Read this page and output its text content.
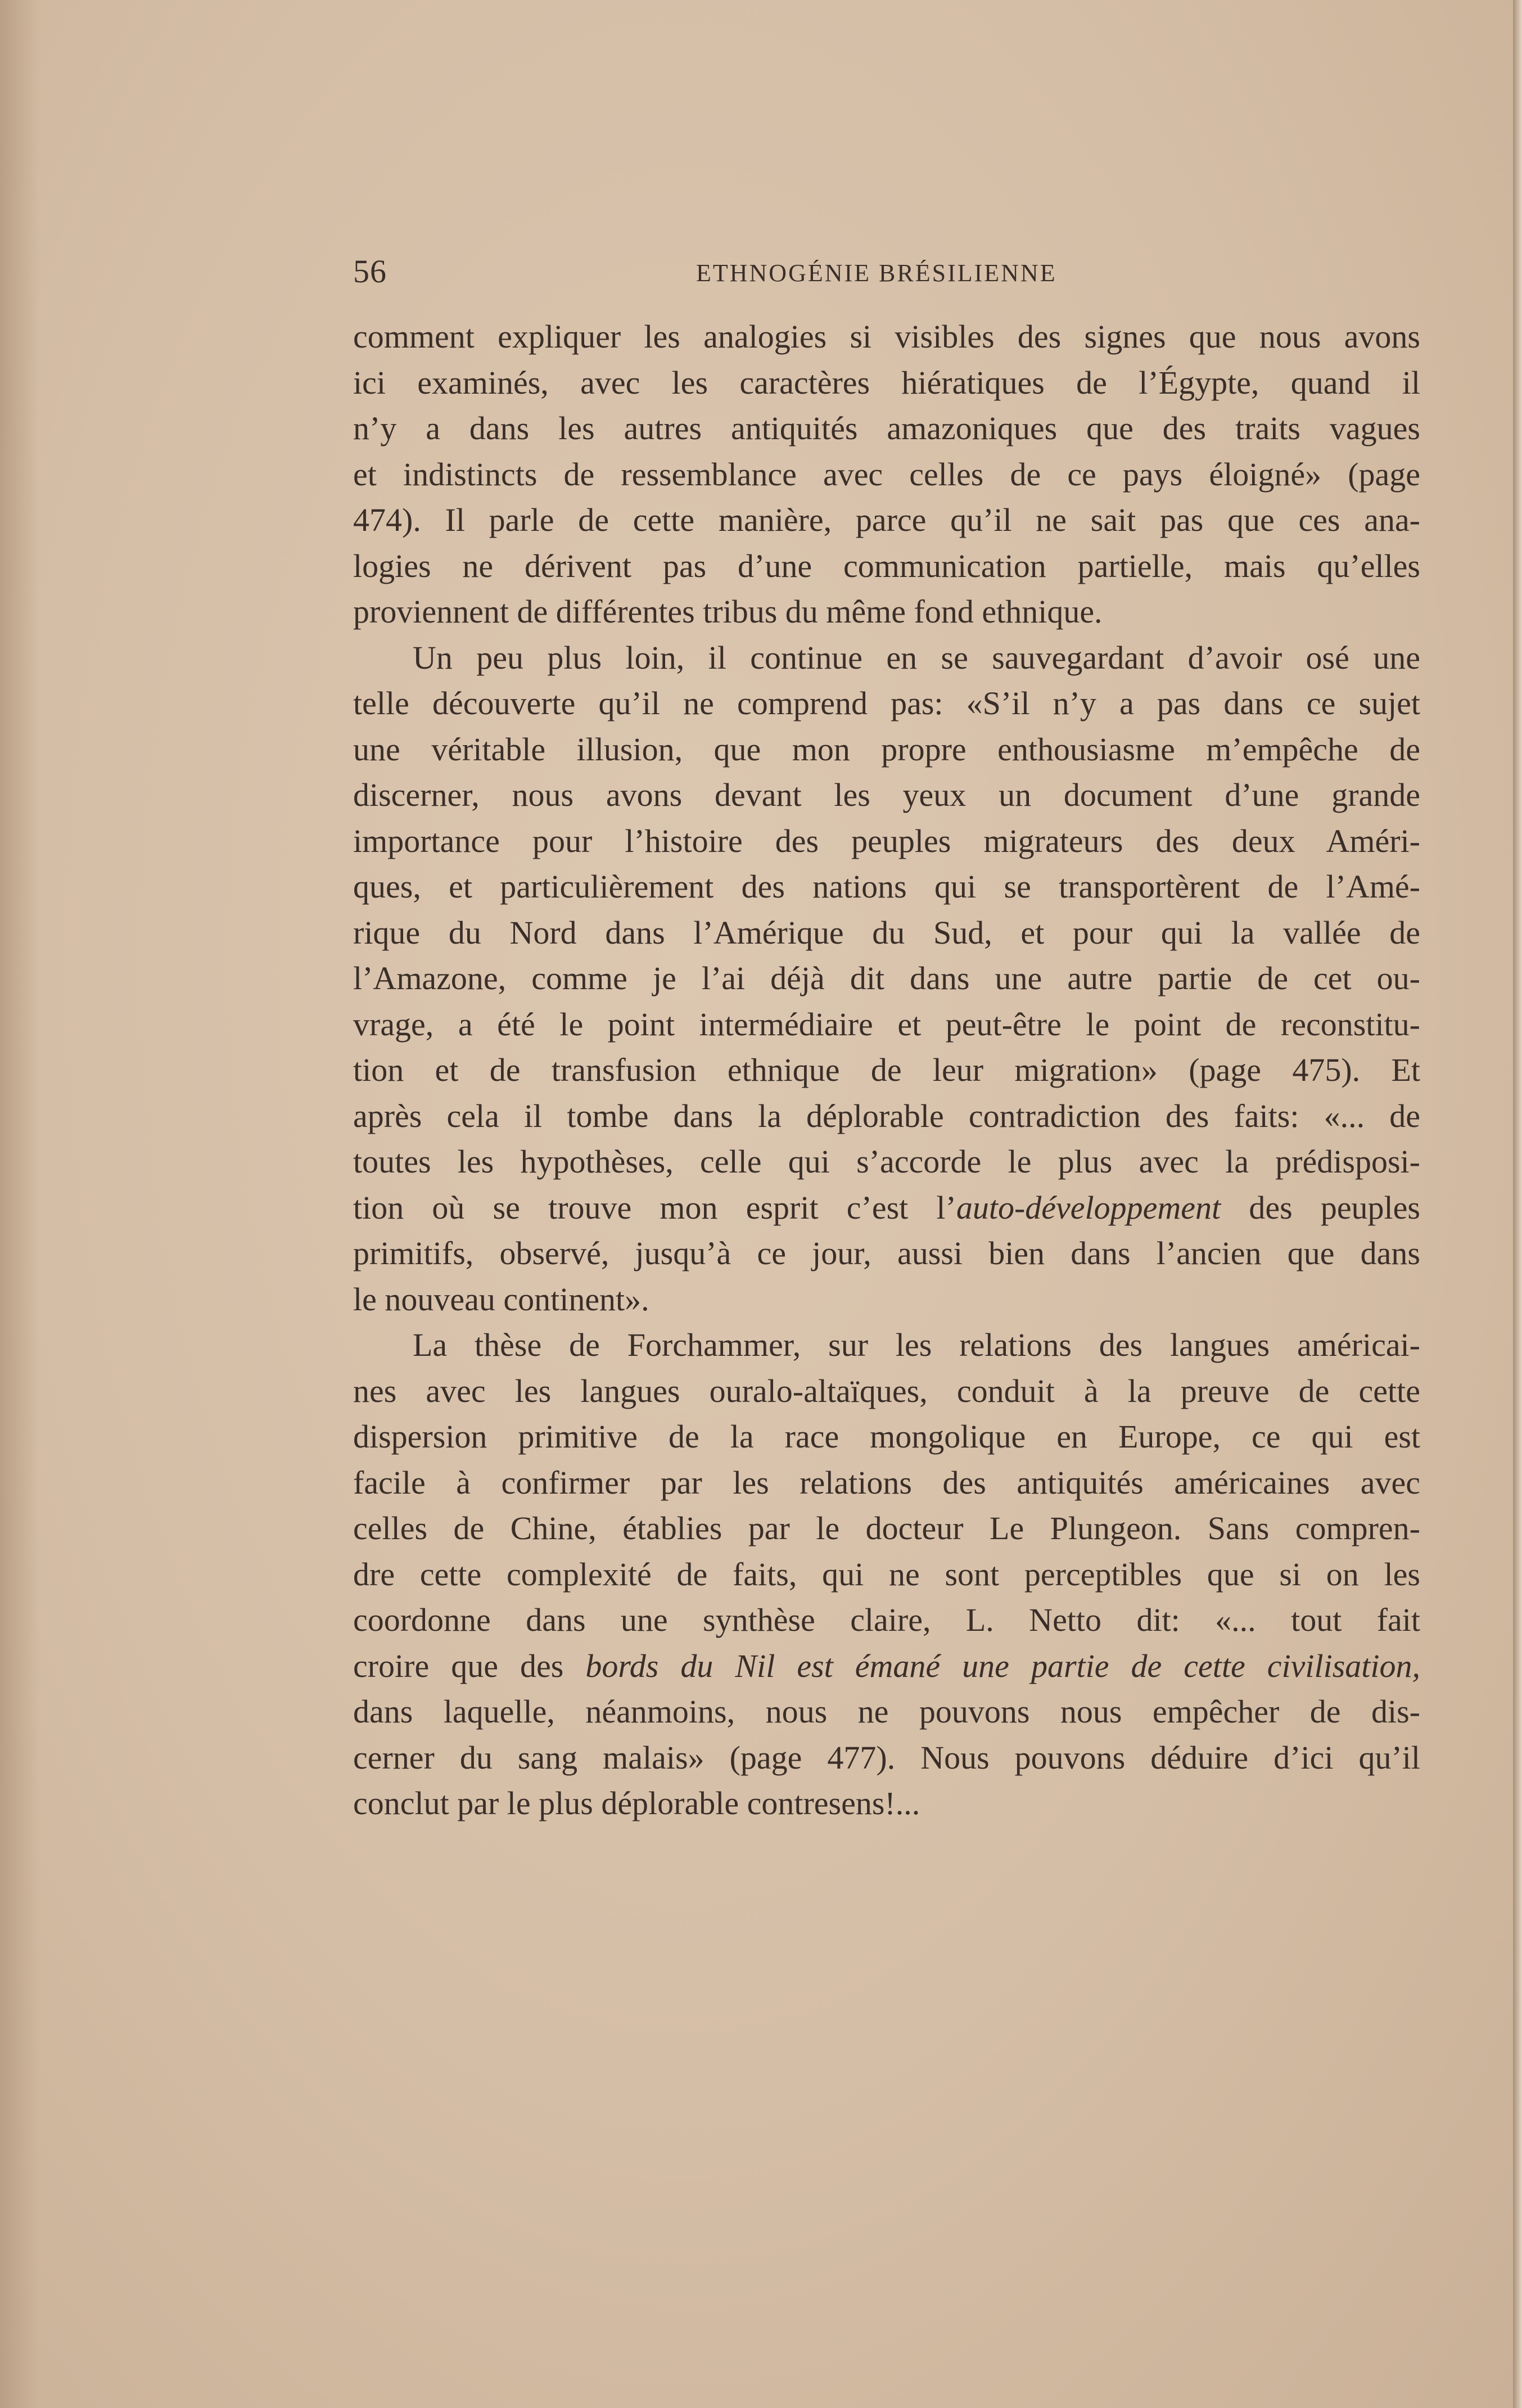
56	ETHNOGÉNIE BRÉSILIENNE
comment expliquer les analogies si visibles des signes que nous avons
ici examinés, avec les caractères hiératiques de l’Égypte, quand il
n’y a dans les autres antiquités amazoniques que des traits vagues
et indistincts de ressemblance avec celles de ce pays éloigné» (page
474). Il parle de cette manière, parce qu’il ne sait pas que ces ana-
logies ne dérivent pas d’une communication partielle, mais qu’elles
proviennent de différentes tribus du même fond ethnique.
Un peu plus loin, il continue en se sauvegardant d’avoir osé une
telle découverte qu’il ne comprend pas: «S’il n’y a pas dans ce sujet
une véritable illusion, que mon propre enthousiasme m’empêche de
discerner, nous avons devant les yeux un document d’une grande
importance pour l’histoire des peuples migrateurs des deux Améri-
ques, et particulièrement des nations qui se transportèrent de l’Amé-
rique du Nord dans l’Amérique du Sud, et pour qui la vallée de
l’Amazone, comme je l’ai déjà dit dans une autre partie de cet ou-
vrage, a été le point intermédiaire et peut-être le point de reconstitu-
tion et de transfusion ethnique de leur migration» (page 475). Et
après cela il tombe dans la déplorable contradiction des faits: «... de
toutes les hypothèses, celle qui s’accorde le plus avec la prédisposi-
tion où se trouve mon esprit c’est l’auto-développement des peuples
primitifs, observé, jusqu’à ce jour, aussi bien dans l’ancien que dans
le nouveau continent».
La thèse de Forchammer, sur les relations des langues américai-
nes avec les langues ouralo-altaïques, conduit à la preuve de cette
dispersion primitive de la race mongolique en Europe, ce qui est
facile à confirmer par les relations des antiquités américaines avec
celles de Chine, établies par le docteur Le Plungeon. Sans compren-
dre cette complexité de faits, qui ne sont perceptibles que si on les
coordonne dans une synthèse claire, L. Netto dit: «... tout fait
croire que des bords du Nil est émané une partie de cette civilisation,
dans laquelle, néanmoins, nous ne pouvons nous empêcher de dis-
cerner du sang malais» (page 477). Nous pouvons déduire d’ici qu’il
conclut par le plus déplorable contresens!...
